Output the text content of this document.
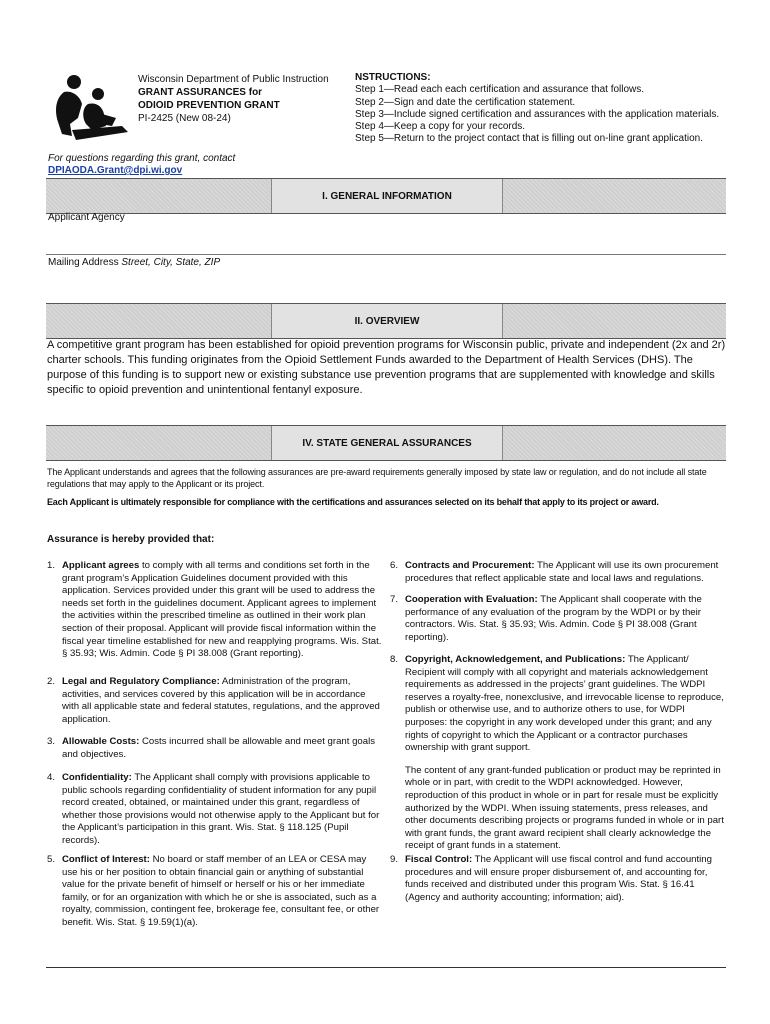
Wisconsin Department of Public Instruction
GRANT ASSURANCES for
ODIOID PREVENTION GRANT
PI-2425 (New 08-24)
NSTRUCTIONS:
Step 1—Read each each certification and assurance that follows.
Step 2—Sign and date the certification statement.
Step 3—Include signed certification and assurances with the application materials.
Step 4—Keep a copy for your records.
Step 5—Return to the project contact that is filling out on-line grant application.
For questions regarding this grant, contact
DPIAODA.Grant@dpi.wi.gov
I. GENERAL INFORMATION
Applicant Agency
Mailing Address Street, City, State, ZIP
II. OVERVIEW
A competitive grant program has been established for opioid prevention programs for Wisconsin public, private and independent (2x and 2r) charter schools. This funding originates from the Opioid Settlement Funds awarded to the Department of Health Services (DHS). The purpose of this funding is to support new or existing substance use prevention programs that are supplemented with knowledge and skills specific to opioid prevention and unintentional fentanyl exposure.
IV. STATE GENERAL ASSURANCES
The Applicant understands and agrees that the following assurances are pre-award requirements generally imposed by state law or regulation, and do not include all state regulations that may apply to the Applicant or its project.
Each Applicant is ultimately responsible for compliance with the certifications and assurances selected on its behalf that apply to its project or award.
Assurance is hereby provided that:
1. Applicant agrees to comply with all terms and conditions set forth in the grant program’s Application Guidelines document provided with this application. Services provided under this grant will be used to address the needs set forth in the guidelines document. Applicant agrees to implement the activities within the prescribed timeline as outlined in their work plan section of their proposal. Applicant will provide fiscal information within the fiscal year timeline established for new and reapplying programs. Wis. Stat. § 35.93; Wis. Admin. Code § PI 38.008 (Grant reporting).
2. Legal and Regulatory Compliance: Administration of the program, activities, and services covered by this application will be in accordance with all applicable state and federal statutes, regulations, and the approved application.
3. Allowable Costs: Costs incurred shall be allowable and meet grant goals and objectives.
4. Confidentiality: The Applicant shall comply with provisions applicable to public schools regarding confidentiality of student information for any pupil record created, obtained, or maintained under this grant, regardless of whether those provisions would not otherwise apply to the Applicant but for the Applicant’s participation in this grant. Wis. Stat. § 118.125 (Pupil records).
5. Conflict of Interest: No board or staff member of an LEA or CESA may use his or her position to obtain financial gain or anything of substantial value for the private benefit of himself or herself or his or her immediate family, or for an organization with which he or she is associated, such as a royalty, commission, contingent fee, brokerage fee, consultant fee, or other benefit. Wis. Stat. § 19.59(1)(a).
6. Contracts and Procurement: The Applicant will use its own procurement procedures that reflect applicable state and local laws and regulations.
7. Cooperation with Evaluation: The Applicant shall cooperate with the performance of any evaluation of the program by the WDPI or by their contractors. Wis. Stat. § 35.93; Wis. Admin. Code § PI 38.008 (Grant reporting).
8. Copyright, Acknowledgement, and Publications: The Applicant/ Recipient will comply with all copyright and materials acknowledgement requirements as addressed in the projects’ grant guidelines. The WDPI reserves a royalty-free, nonexclusive, and irrevocable license to reproduce, publish or otherwise use, and to authorize others to use, for WDPI purposes: the copyright in any work developed under this grant; and any rights of copyright to which the Applicant or a contractor purchases ownership with grant support.
The content of any grant-funded publication or product may be reprinted in whole or in part, with credit to the WDPI acknowledged. However, reproduction of this product in whole or in part for resale must be explicitly authorized by the WDPI. When issuing statements, press releases, and other documents describing projects or programs funded in whole or in part with grant funds, the grant award recipient shall clearly acknowledge the receipt of grant funds in a statement.
9. Fiscal Control: The Applicant will use fiscal control and fund accounting procedures and will ensure proper disbursement of, and accounting for, funds received and distributed under this program Wis. Stat. § 16.41 (Agency and authority accounting; information; aid).
